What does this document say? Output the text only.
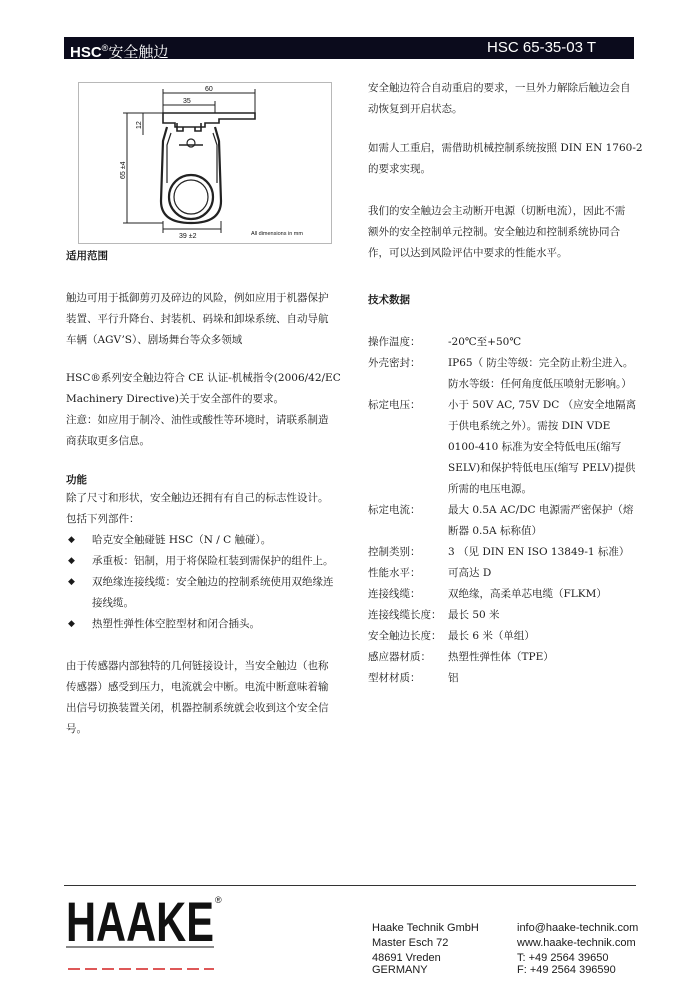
HSC®安全触边	HSC 65-35-03 T
60
35
12
65 ±4
39 ±2	All dimensions in mm
适用范围
触边可用于抵御剪刃及碎边的风险，例如应用于机器保护
装置、平行升降台、封装机、码垛和卸垛系统、自动导航
车辆（AGV’S）、剧场舞台等众多领域
HSC®系列安全触边符合 CE 认证-机械指令(2006/42/EC
Machinery Directive)关于安全部件的要求。
注意：如应用于制冷、油性或酸性等环境时，请联系制造
商获取更多信息。
功能
除了尺寸和形状，安全触边还拥有有自己的标志性设计。
包括下列部件：
◆ 哈克安全触碰链 HSC（N / C 触碰）。
◆ 承重板：铝制，用于将保险杠装到需保护的组件上。
◆ 双绝缘连接线缆：安全触边的控制系统使用双绝缘连
接线缆。
◆ 热塑性弹性体空腔型材和闭合插头。
由于传感器内部独特的几何链接设计，当安全触边（也称
传感器）感受到压力，电流就会中断。电流中断意味着输
出信号切换装置关闭，机器控制系统就会收到这个安全信
号。
安全触边符合自动重启的要求，一旦外力解除后触边会自
动恢复到开启状态。
如需人工重启，需借助机械控制系统按照 DIN EN 1760-2
的要求实现。
我们的安全触边会主动断开电源（切断电流），因此不需
额外的安全控制单元控制。安全触边和控制系统协同合
作，可以达到风险评估中要求的性能水平。
技术数据
操作温度：	-20℃至+50℃
外壳密封：	IP65（ 防尘等级：完全防止粉尘进入。
防水等级：任何角度低压喷射无影响。）
标定电压：	小于 50V AC, 75V DC （应安全地隔离
于供电系统之外）。需按 DIN VDE
0100-410 标准为安全特低电压(缩写
SELV)和保护特低电压(缩写 PELV)提供
所需的电压电源。
标定电流：	最大 0.5A AC/DC 电源需严密保护（熔
断器 0.5A 标称值）
控制类别：	3 （见 DIN EN ISO 13849-1 标准）
性能水平：	可高达 D
连接线缆：	双绝缘，高柔单芯电缆（FLKM）
连接线缆长度： 最长 50 米
安全触边长度： 最长 6 米（单组）
感应器材质：	热塑性弹性体（TPE）
型材材质：	铝
HAAKE ®
Haake Technik GmbH
Master Esch 72
48691 Vreden
GERMANY
info@haake-technik.com
www.haake-technik.com
T: +49 2564 39650
F: +49 2564 396590
